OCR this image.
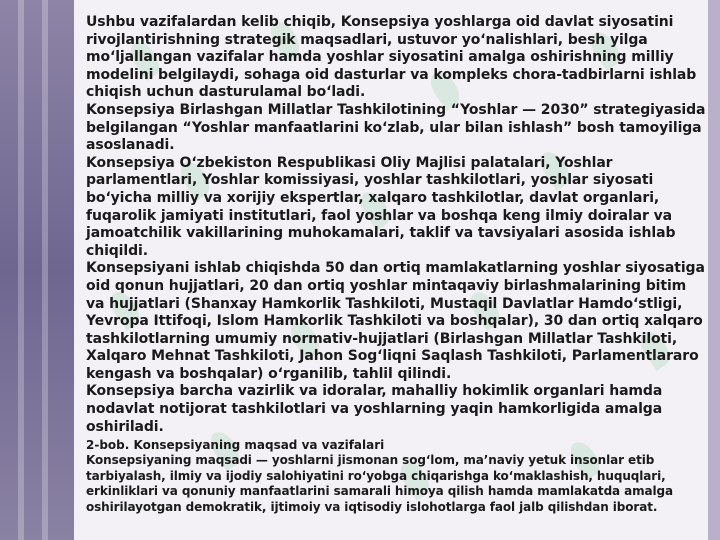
Ushbu vazifalardan kelib chiqib, Konsepsiya yoshlarga oid davlat siyosatini rivojlantirishning strategik maqsadlari, ustuvor yo‘nalishlari, besh yilga mo‘ljallangan vazifalar hamda yoshlar siyosatini amalga oshirishning milliy modelini belgilaydi, sohaga oid dasturlar va kompleks chora-tadbirlarni ishlab chiqish uchun dasturulamal bo‘ladi.

Konsepsiya Birlashgan Millatlar Tashkilotining “Yoshlar — 2030” strategiyasida belgilangan “Yoshlar manfaatlarini ko‘zlab, ular bilan ishlash” bosh tamoyiliga asoslanadi.

Konsepsiya O‘zbekiston Respublikasi Oliy Majlisi palatalari, Yoshlar parlamentlari, Yoshlar komissiyasi, yoshlar tashkilotlari, yoshlar siyosati bo‘yicha milliy va xorijiy ekspertlar, xalqaro tashkilotlar, davlat organlari, fuqarolik jamiyati institutlari, faol yoshlar va boshqa keng ilmiy doiralar va jamoatchilik vakillarining muhokamalari, taklif va tavsiyalari asosida ishlab chiqildi.

Konsepsiyani ishlab chiqishda 50 dan ortiq mamlakatlarning yoshlar siyosatiga oid qonun hujjatlari, 20 dan ortiq yoshlar mintaqaviy birlashmalarining bitim va hujjatlari (Shanxay Hamkorlik Tashkiloti, Mustaqil Davlatlar Hamdo‘stligi, Yevropa Ittifoqi, Islom Hamkorlik Tashkiloti va boshqalar), 30 dan ortiq xalqaro tashkilotlarning umumiy normativ-hujjatlari (Birlashgan Millatlar Tashkiloti, Xalqaro Mehnat Tashkiloti, Jahon Sog‘liqni Saqlash Tashkiloti, Parlamentlararo kengash va boshqalar) o‘rganilib, tahlil qilindi.

Konsepsiya barcha vazirlik va idoralar, mahalliy hokimlik organlari hamda nodavlat notijorat tashkilotlari va yoshlarning yaqin hamkorligida amalga oshiriladi.

2-bob. Konsepsiyaning maqsad va vazifalari

Konsepsiyaning maqsadi — yoshlarni jismonan sog‘lom, ma’naviy yetuk insonlar etib tarbiyalash, ilmiy va ijodiy salohiyatini ro‘yobga chiqarishga ko‘maklashish, huquqlari, erkinliklari va qonuniy manfaatlarini samarali himoya qilish hamda mamlakatda amalga oshirilayotgan demokratik, ijtimoiy va iqtisodiy islohotlarga faol jalb qilishdan iborat.
